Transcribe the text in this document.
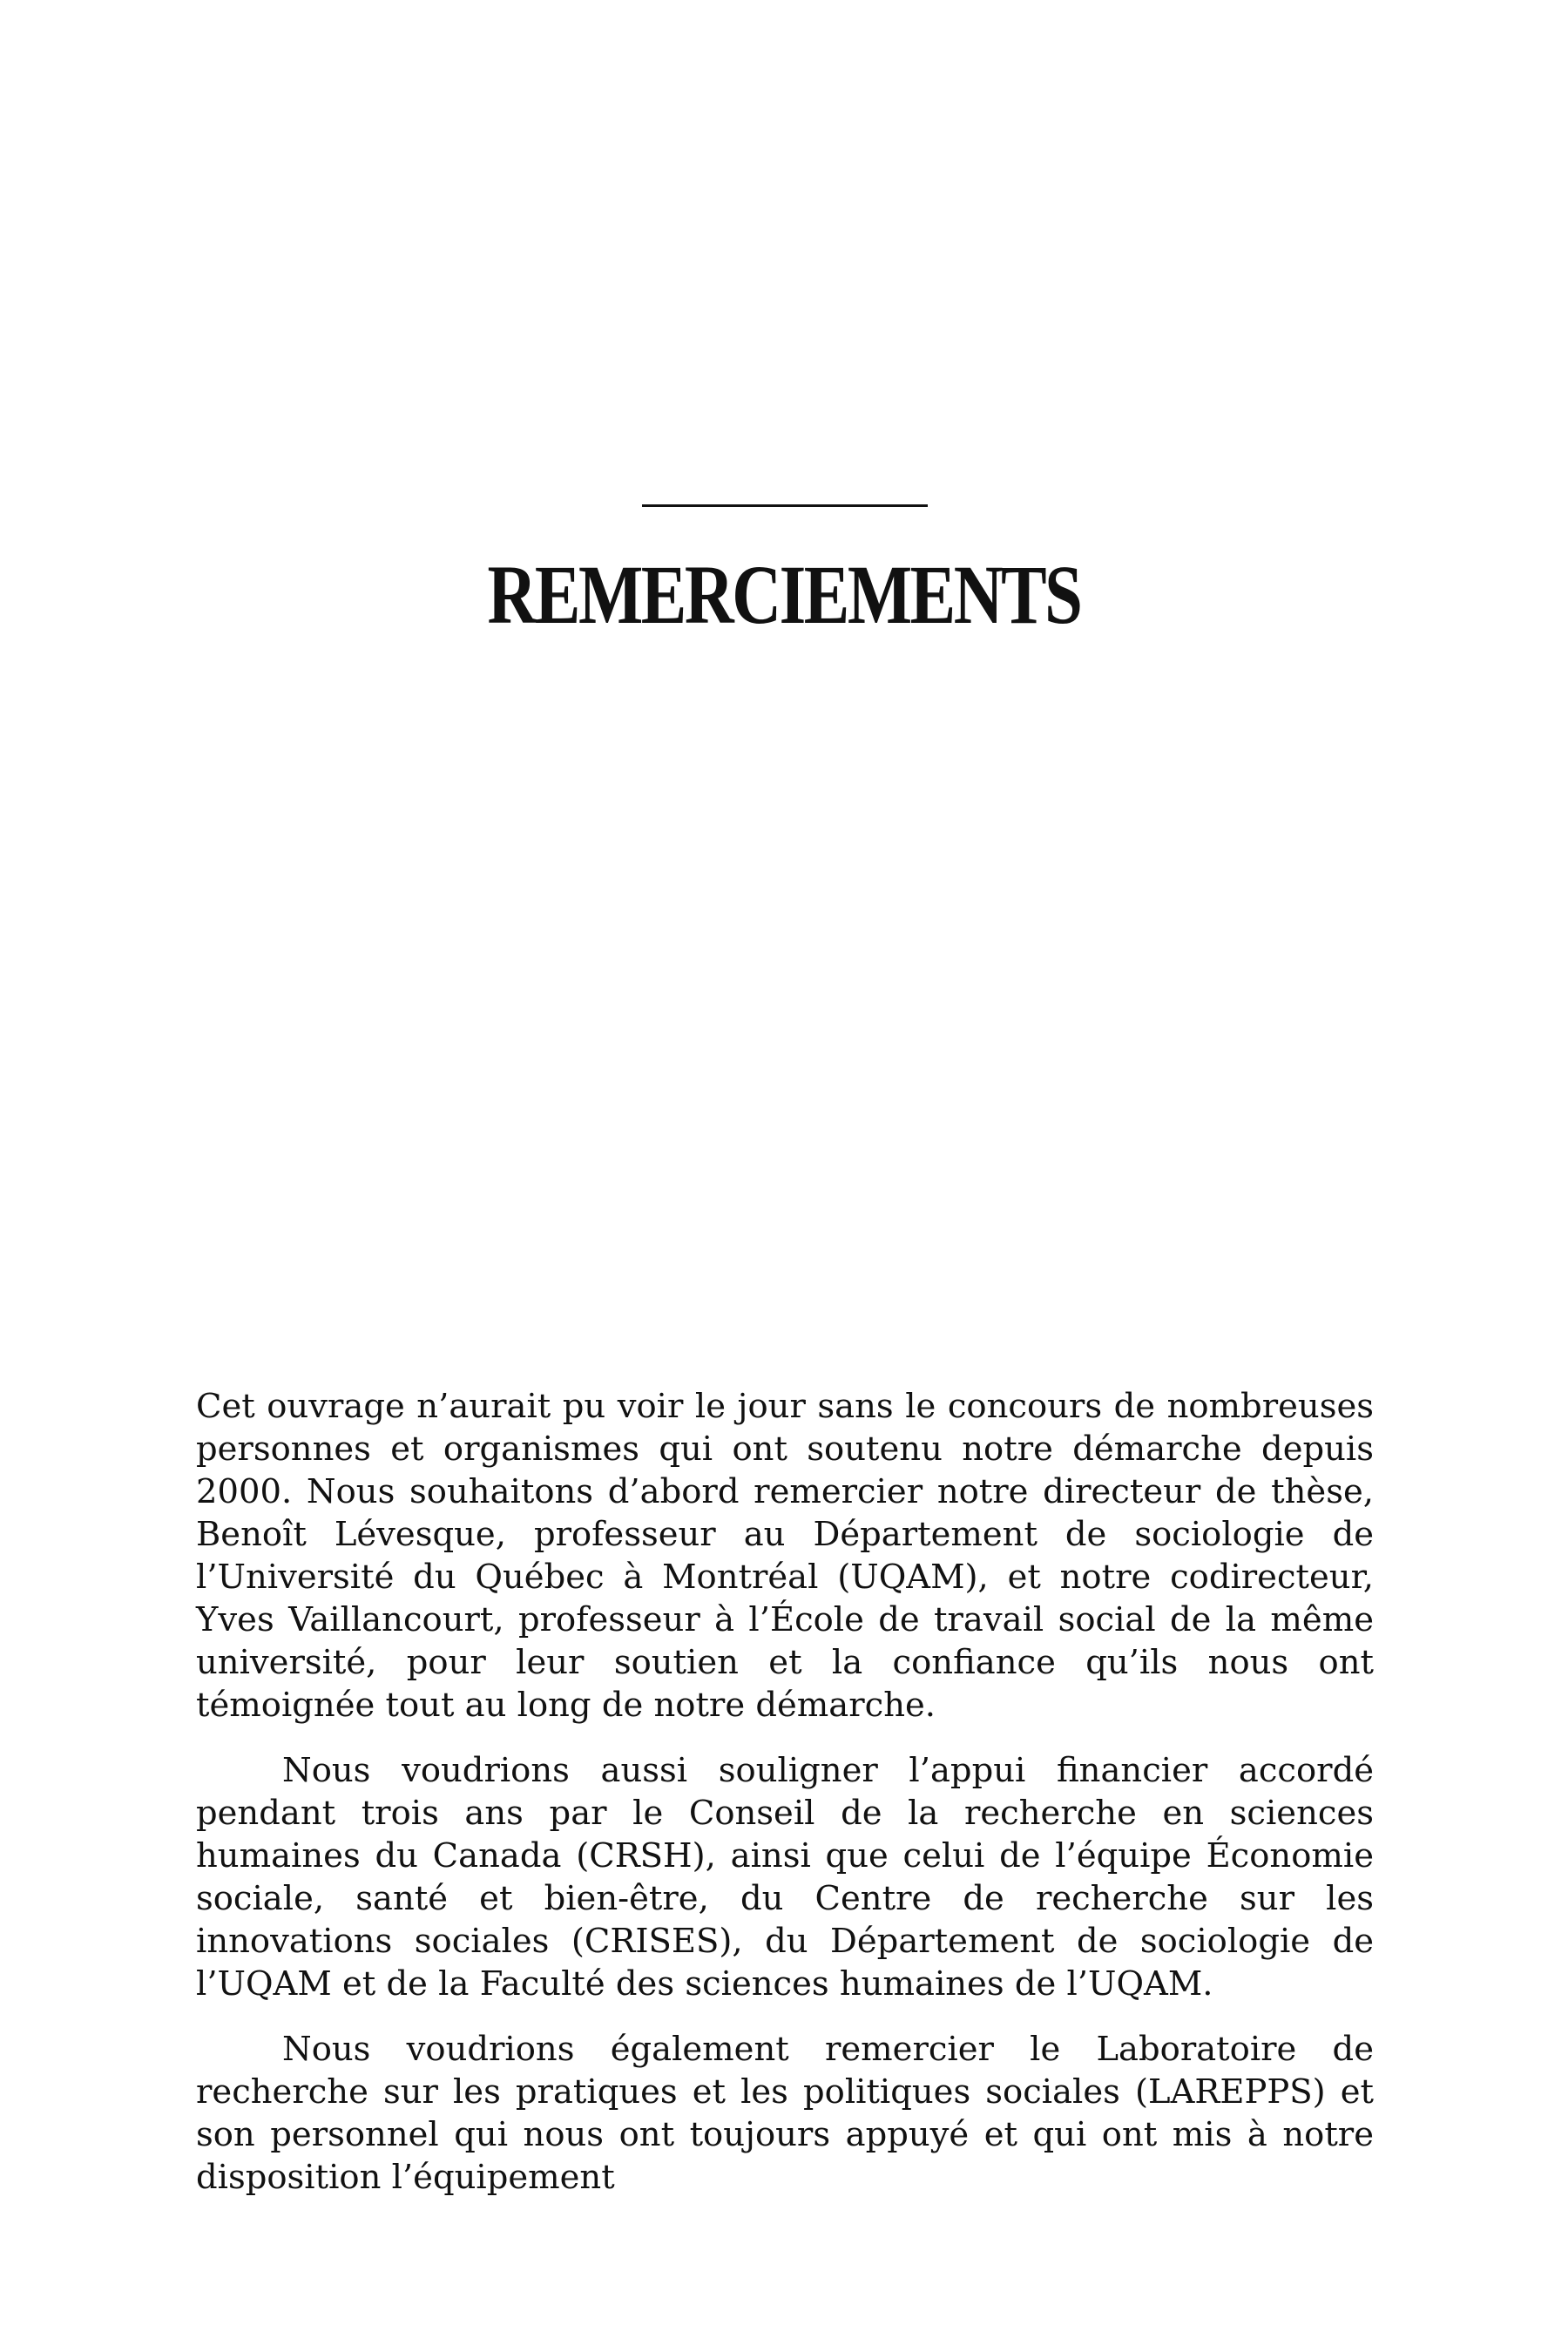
REMERCIEMENTS

Cet ouvrage n’aurait pu voir le jour sans le concours de nombreuses personnes et organismes qui ont soutenu notre démarche depuis 2000. Nous souhaitons d’abord remercier notre directeur de thèse, Benoît Lévesque, professeur au Département de sociologie de l’Université du Québec à Montréal (UQAM), et notre codirecteur, Yves Vaillancourt, professeur à l’École de travail social de la même université, pour leur soutien et la confiance qu’ils nous ont témoignée tout au long de notre démarche.

Nous voudrions aussi souligner l’appui financier accordé pendant trois ans par le Conseil de la recherche en sciences humaines du Canada (CRSH), ainsi que celui de l’équipe Économie sociale, santé et bien-être, du Centre de recherche sur les innovations sociales (CRISES), du Département de sociologie de l’UQAM et de la Faculté des sciences humaines de l’UQAM.

Nous voudrions également remercier le Laboratoire de recherche sur les pratiques et les politiques sociales (LAREPPS) et son personnel qui nous ont toujours appuyé et qui ont mis à notre disposition l’équipement
